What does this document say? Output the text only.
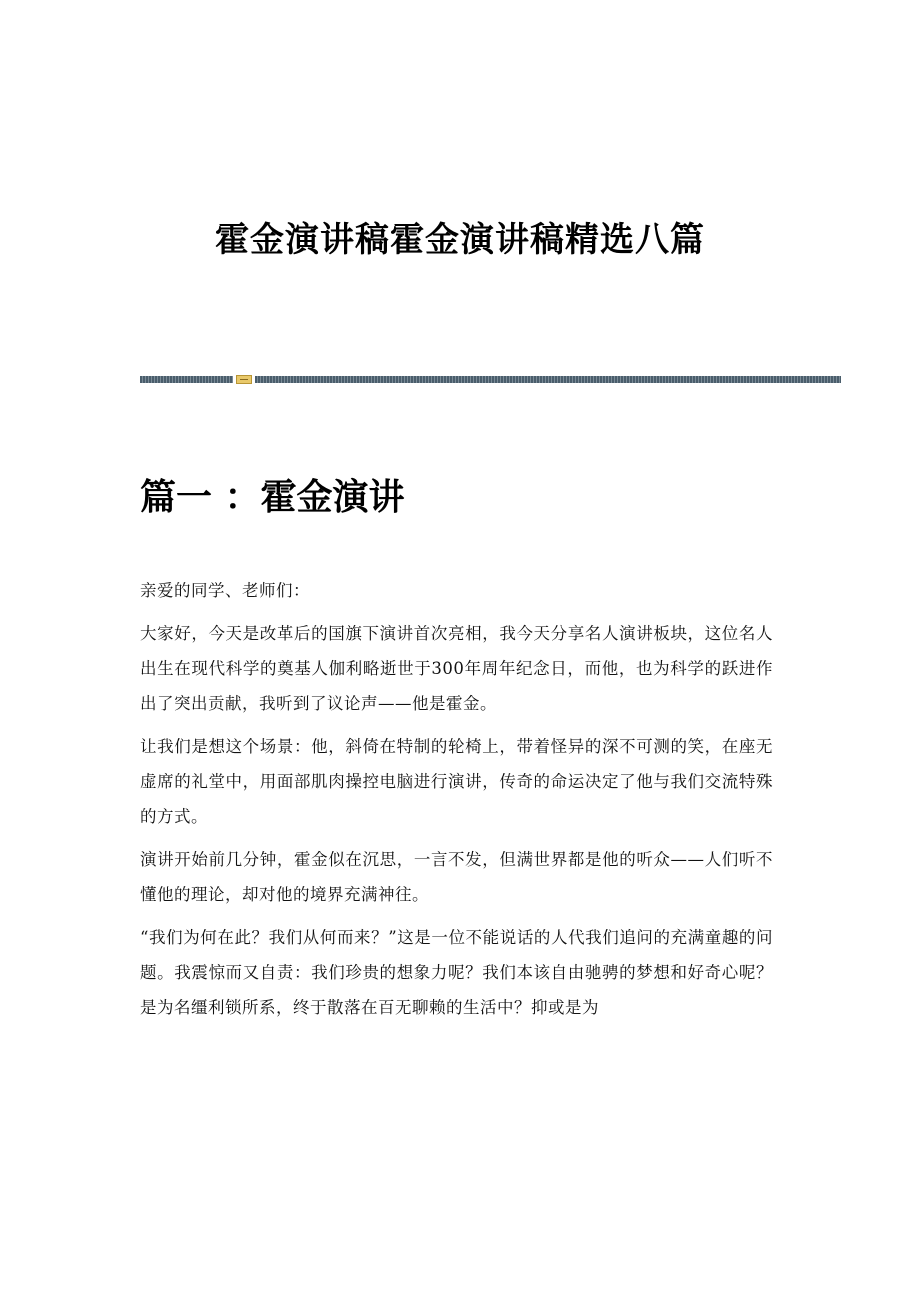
霍金演讲稿霍金演讲稿精选八篇
篇一 ：霍金演讲

亲爱的同学、老师们：

大家好，今天是改革后的国旗下演讲首次亮相，我今天分享名人演讲板块，这位名人出生在现代科学的奠基人伽利略逝世于300年周年纪念日，而他，也为科学的跃进作出了突出贡献，我听到了议论声——他是霍金。

让我们是想这个场景：他，斜倚在特制的轮椅上，带着怪异的深不可测的笑，在座无虚席的礼堂中，用面部肌肉操控电脑进行演讲，传奇的命运决定了他与我们交流特殊的方式。

演讲开始前几分钟，霍金似在沉思，一言不发，但满世界都是他的听众——人们听不懂他的理论，却对他的境界充满神往。

“我们为何在此？我们从何而来？”这是一位不能说话的人代我们追问的充满童趣的问题。我震惊而又自责：我们珍贵的想象力呢？我们本该自由驰骋的梦想和好奇心呢？是为名缰利锁所系，终于散落在百无聊赖的生活中？抑或是为
